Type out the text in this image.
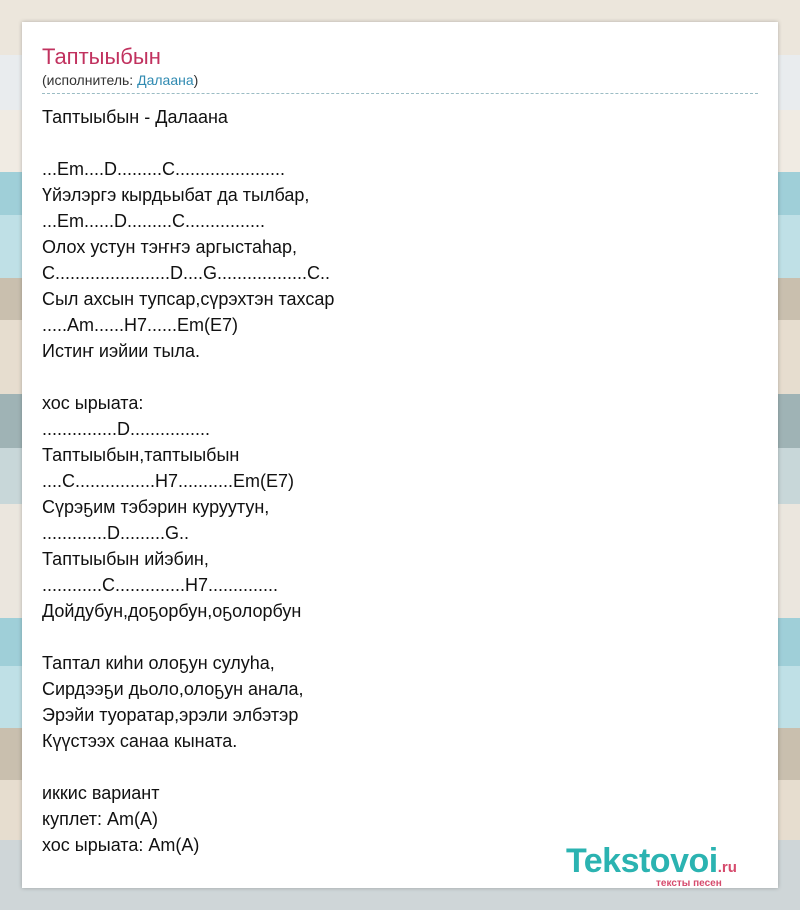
Таптыыбын
(исполнитель: Далаана)
Таптыыбын - Далаана
...Em....D.........C......................
Үйэлэргэ кырдьыбат да тылбар,
...Em......D.........C................
Олох устун тэҥҥэ аргыстаһар,
C.......................D....G..................C..
Сыл ахсын тупсар,сүрэхтэн тахсар
.....Am......H7......Em(E7)
Истиҥ иэйии тыла.
хос ырыата:
...............D................
Таптыыбын,таптыыбын
....C................H7...........Em(E7)
Сүрэҕим тэбэрин куруутун,
.............D.........G..
Таптыыбын ийэбин,
............C..............H7..............
Дойдубун,доҕорбун,оҕолорбун
Таптал киһи олоҕун сулуһа,
Сирдээҕи дьоло,олоҕун анала,
Эрэйи туоратар,эрэли элбэтэр
Күүстээх санаа кыната.
иккис вариант
куплет: Am(A)
хос ырыата: Am(A)	Tekstovoi.ru
тексты песен
